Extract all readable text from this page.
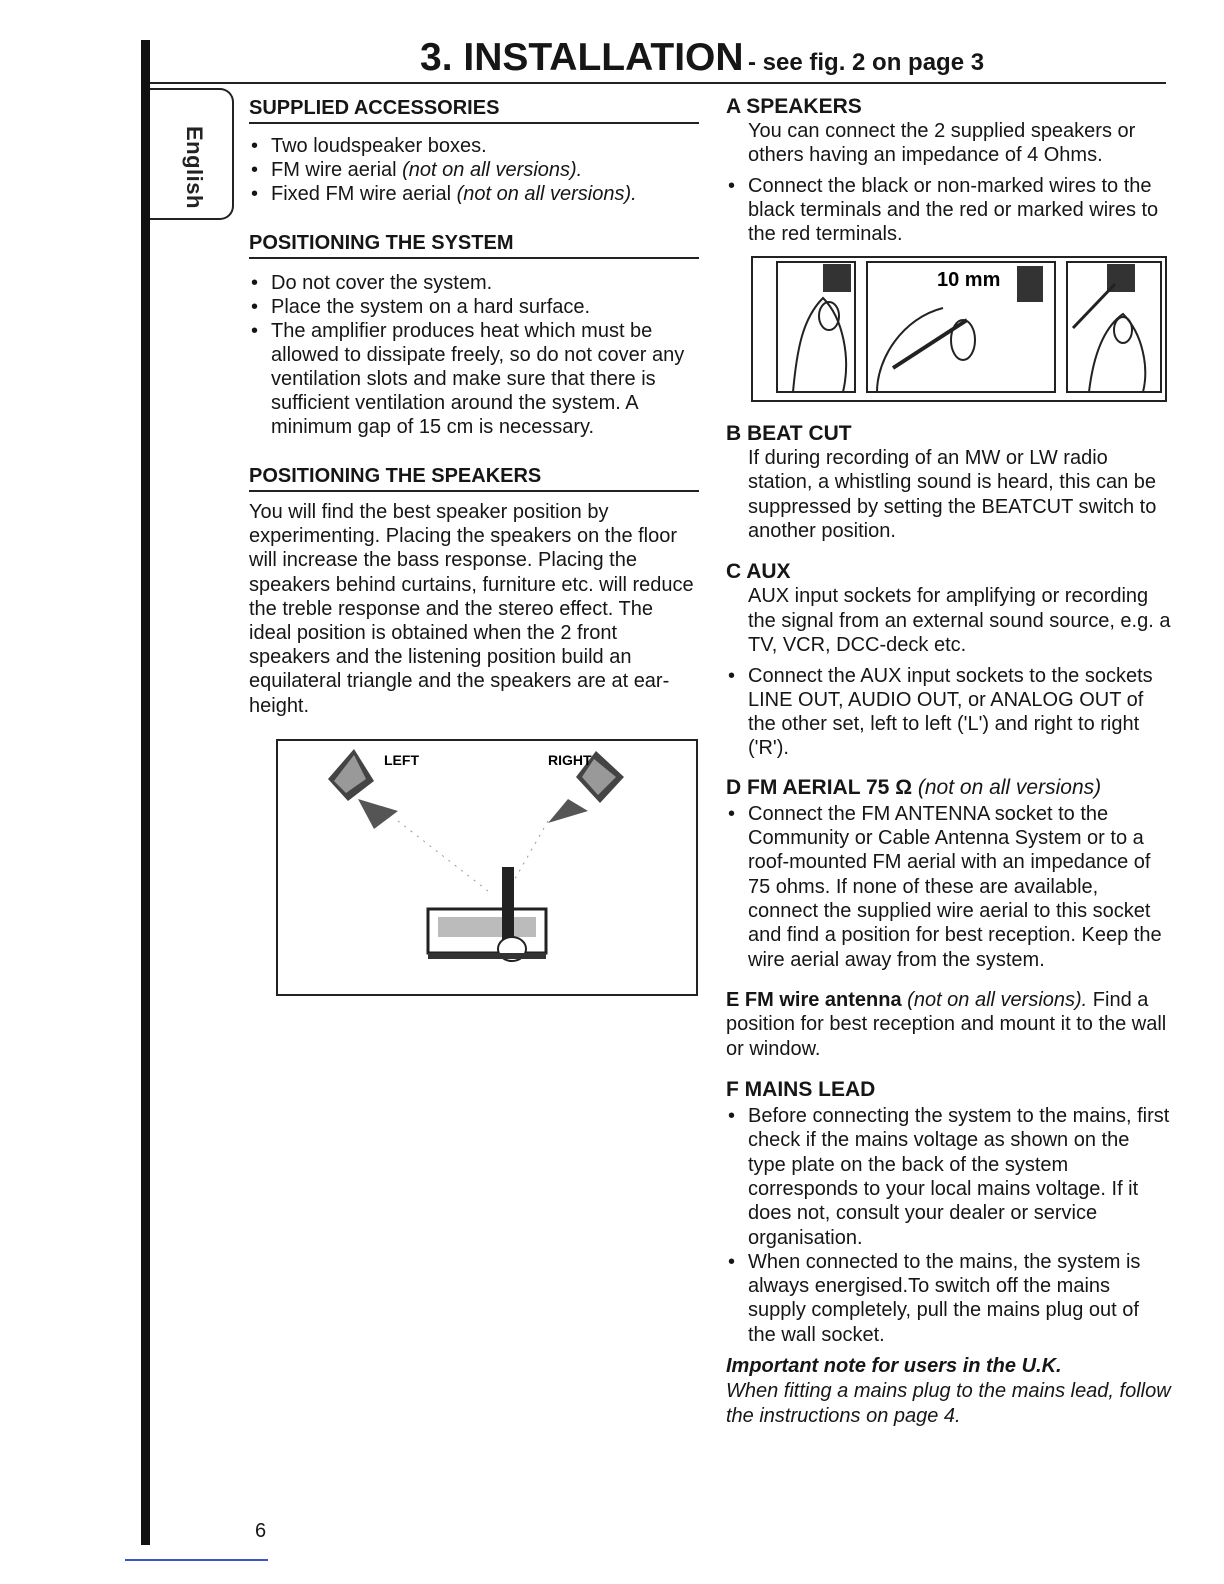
English
3. INSTALLATION - see fig. 2 on page 3
SUPPLIED ACCESSORIES
• Two loudspeaker boxes.
• FM wire aerial (not on all versions).
• Fixed FM wire aerial (not on all versions).
POSITIONING THE SYSTEM
• Do not cover the system.
• Place the system on a hard surface.
• The amplifier produces heat which must be allowed to dissipate freely, so do not cover any ventilation slots and make sure that there is sufficient ventilation around the system. A minimum gap of 15 cm is necessary.
POSITIONING THE SPEAKERS

You will find the best speaker position by experimenting. Placing the speakers on the floor will increase the bass response. Placing the speakers behind curtains, furniture etc. will reduce the treble response and the stereo effect. The ideal position is obtained when the 2 front speakers and the listening position build an equilateral triangle and the speakers are at ear-height.

LEFT	RIGHT
A SPEAKERS
You can connect the 2 supplied speakers or others having an impedance of 4 Ohms.
• Connect the black or non-marked wires to the black terminals and the red or marked wires to the red terminals.
B BEAT CUT
If during recording of an MW or LW radio station, a whistling sound is heard, this can be suppressed by setting the BEATCUT switch to another position.
C AUX
AUX input sockets for amplifying or recording the signal from an external sound source, e.g. a TV, VCR, DCC-deck etc.
• Connect the AUX input sockets to the sockets LINE OUT, AUDIO OUT, or ANALOG OUT of the other set, left to left ('L') and right to right ('R').
D FM AERIAL 75 Ω (not on all versions)
• Connect the FM ANTENNA socket to the Community or Cable Antenna System or to a roof-mounted FM aerial with an impedance of 75 ohms. If none of these are available, connect the supplied wire aerial to this socket and find a position for best reception. Keep the wire aerial away from the system.
E FM wire antenna (not on all versions). Find a position for best reception and mount it to the wall or window.
F MAINS LEAD
• Before connecting the system to the mains, first check if the mains voltage as shown on the type plate on the back of the system corresponds to your local mains voltage. If it does not, consult your dealer or service organisation.
• When connected to the mains, the system is always energised.To switch off the mains supply completely, pull the mains plug out of the wall socket.
Important note for users in the U.K.
When fitting a mains plug to the mains lead, follow the instructions on page 4.
10 mm
6
